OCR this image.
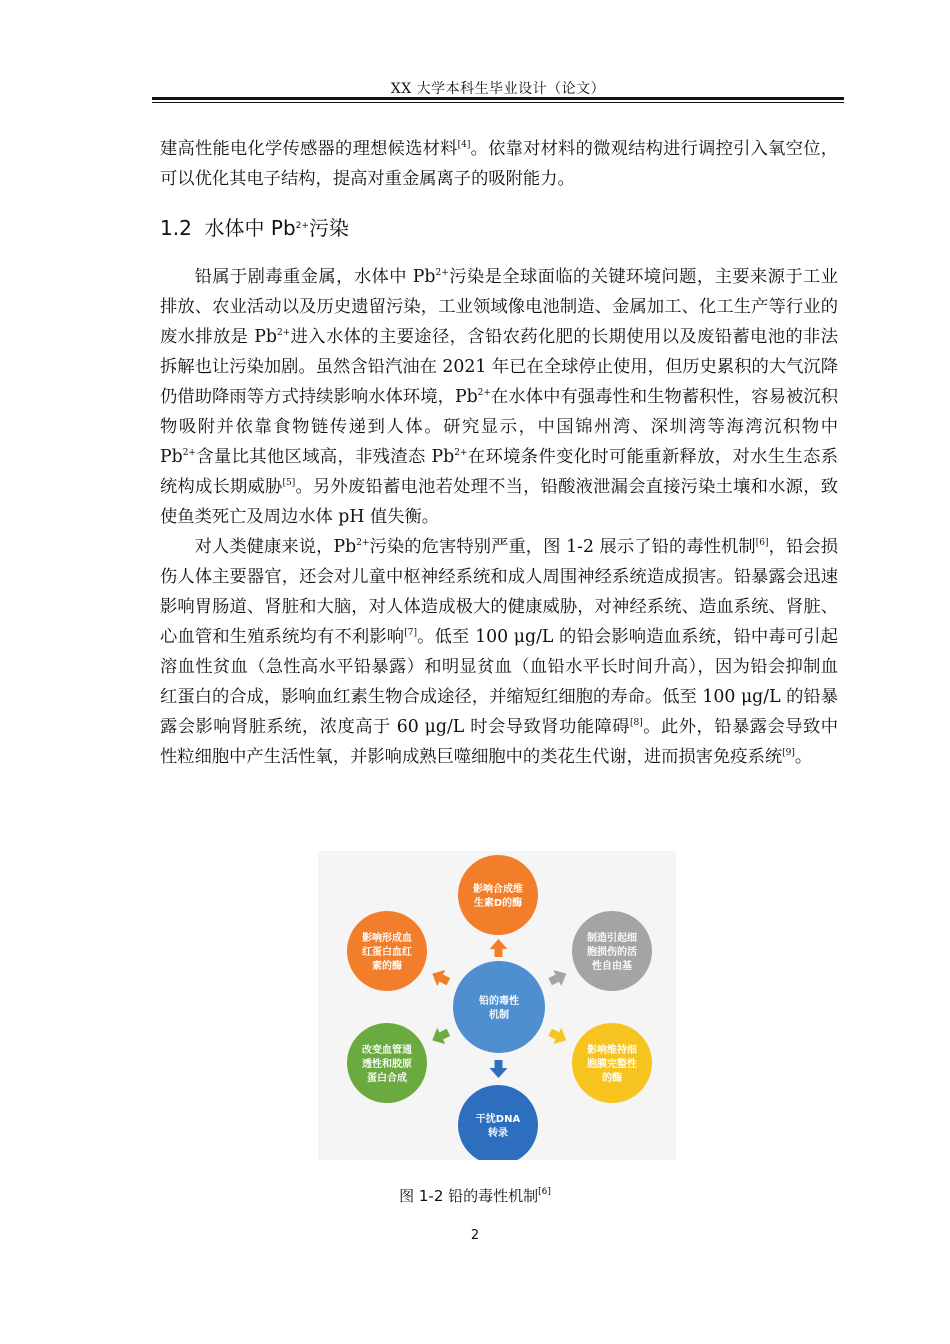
XX 大学本科生毕业设计（论文）

建高性能电化学传感器的理想候选材料[4]。依靠对材料的微观结构进行调控引入氧空位，可以优化其电子结构，提高对重金属离子的吸附能力。

1.2 水体中 $Pb^{2+}$污染

铅属于剧毒重金属，水体中 $Pb^{2+}$污染是全球面临的关键环境问题，主要来源于工业排放、农业活动以及历史遗留污染，工业领域像电池制造、金属加工、化工生产等行业的废水排放是 $Pb^{2+}$进入水体的主要途径，含铅农药化肥的长期使用以及废铅蓄电池的非法拆解也让污染加剧。虽然含铅汽油在 2021 年已在全球停止使用，但历史累积的大气沉降仍借助降雨等方式持续影响水体环境，$Pb^{2+}$在水体中有强毒性和生物蓄积性，容易被沉积物吸附并依靠食物链传递到人体。研究显示，中国锦州湾、深圳湾等海湾沉积物中 $Pb^{2+}$含量比其他区域高，非残渣态 $Pb^{2+}$在环境条件变化时可能重新释放，对水生生态系统构成长期威胁[5]。另外废铅蓄电池若处理不当，铅酸液泄漏会直接污染土壤和水源，致使鱼类死亡及周边水体 pH 值失衡。

对人类健康来说，$Pb^{2+}$污染的危害特别严重，图 1-2 展示了铅的毒性机制[6]，铅会损伤人体主要器官，还会对儿童中枢神经系统和成人周围神经系统造成损害。铅暴露会迅速影响胃肠道、肾脏和大脑，对人体造成极大的健康威胁，对神经系统、造血系统、肾脏、心血管和生殖系统均有不利影响[7]。低至 100 μg/L 的铅会影响造血系统，铅中毒可引起溶血性贫血（急性高水平铅暴露）和明显贫血（血铅水平长时间升高），因为铅会抑制血红蛋白的合成，影响血红素生物合成途径，并缩短红细胞的寿命。低至 100 μg/L 的铅暴露会影响肾脏系统，浓度高于 60 μg/L 时会导致肾功能障碍[8]。此外，铅暴露会导致中性粒细胞中产生活性氧，并影响成熟巨噬细胞中的类花生代谢，进而损害免疫系统[9]。

铅的毒性机制
影响合成维生素D的酶
制造引起细胞损伤的活性自由基
影响维持细胞膜完整性的酶
干扰DNA 转录
改变血管通透性和胶原蛋白合成
影响形成血红蛋白血红素的酶
图 1-2 铅的毒性机制[6]
2
